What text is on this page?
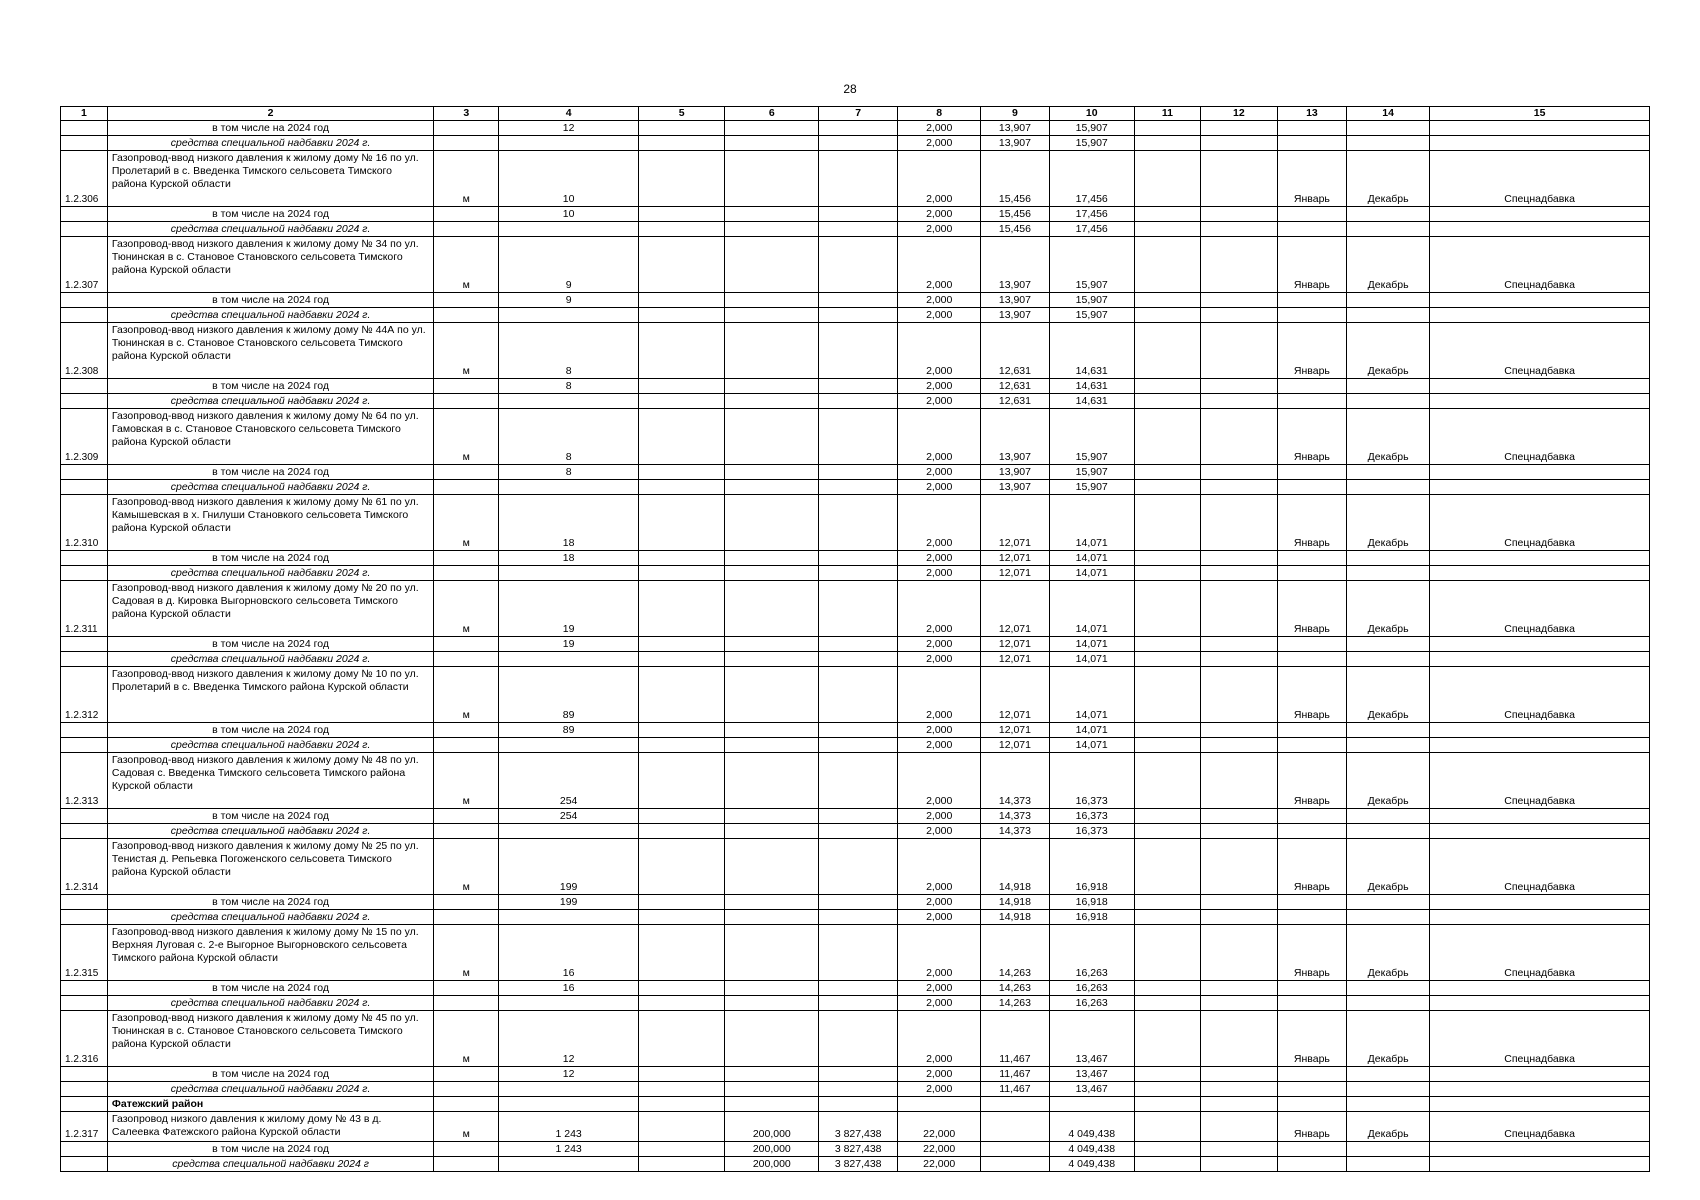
28
1	2	3	4	5	6	7	8	9	10	11	12	13	14	15
	в том числе на 2024 год		12				2,000	13,907	15,907					
	средства специальной надбавки 2024 г.						2,000	13,907	15,907					
1.2.306	Газопровод-ввод низкого давления к жилому дому № 16 по ул. Пролетарий в с. Введенка Тимского сельсовета Тимского района Курской области	м	10				2,000	15,456	17,456			Январь	Декабрь	Спецнадбавка
	в том числе на 2024 год		10				2,000	15,456	17,456					
	средства специальной надбавки 2024 г.						2,000	15,456	17,456					
1.2.307	Газопровод-ввод низкого давления к жилому дому № 34 по ул. Тюнинская в с. Становое Становского сельсовета Тимского района Курской области	м	9				2,000	13,907	15,907			Январь	Декабрь	Спецнадбавка
	в том числе на 2024 год		9				2,000	13,907	15,907					
	средства специальной надбавки 2024 г.						2,000	13,907	15,907					
1.2.308	Газопровод-ввод низкого давления к жилому дому № 44А по ул. Тюнинская в с. Становое Становского сельсовета Тимского района Курской области	м	8				2,000	12,631	14,631			Январь	Декабрь	Спецнадбавка
	в том числе на 2024 год		8				2,000	12,631	14,631					
	средства специальной надбавки 2024 г.						2,000	12,631	14,631					
1.2.309	Газопровод-ввод низкого давления к жилому дому № 64 по ул. Гамовская в с. Становое Становского сельсовета Тимского района Курской области	м	8				2,000	13,907	15,907			Январь	Декабрь	Спецнадбавка
	в том числе на 2024 год		8				2,000	13,907	15,907					
	средства специальной надбавки 2024 г.						2,000	13,907	15,907					
1.2.310	Газопровод-ввод низкого давления к жилому дому № 61 по ул. Камышевская в х. Гнилуши Становкого сельсовета Тимского района Курской области	м	18				2,000	12,071	14,071			Январь	Декабрь	Спецнадбавка
	в том числе на 2024 год		18				2,000	12,071	14,071					
	средства специальной надбавки 2024 г.						2,000	12,071	14,071					
1.2.311	Газопровод-ввод низкого давления к жилому дому № 20 по ул. Садовая в д. Кировка Выгорновского сельсовета Тимского района Курской области	м	19				2,000	12,071	14,071			Январь	Декабрь	Спецнадбавка
	в том числе на 2024 год		19				2,000	12,071	14,071					
	средства специальной надбавки 2024 г.						2,000	12,071	14,071					
1.2.312	Газопровод-ввод низкого давления к жилому дому № 10 по ул. Пролетарий в с. Введенка Тимского района Курской области	м	89				2,000	12,071	14,071			Январь	Декабрь	Спецнадбавка
	в том числе на 2024 год		89				2,000	12,071	14,071					
	средства специальной надбавки 2024 г.						2,000	12,071	14,071					
1.2.313	Газопровод-ввод низкого давления к жилому дому № 48 по ул. Садовая с. Введенка Тимского сельсовета Тимского района Курской области	м	254				2,000	14,373	16,373			Январь	Декабрь	Спецнадбавка
	в том числе на 2024 год		254				2,000	14,373	16,373					
	средства специальной надбавки 2024 г.						2,000	14,373	16,373					
1.2.314	Газопровод-ввод низкого давления к жилому дому № 25 по ул. Тенистая д. Репьевка Погоженского сельсовета Тимского района Курской области	м	199				2,000	14,918	16,918			Январь	Декабрь	Спецнадбавка
	в том числе на 2024 год		199				2,000	14,918	16,918					
	средства специальной надбавки 2024 г.						2,000	14,918	16,918					
1.2.315	Газопровод-ввод низкого давления к жилому дому № 15 по ул. Верхняя Луговая с. 2-е Выгорное Выгорновского сельсовета Тимского района Курской области	м	16				2,000	14,263	16,263			Январь	Декабрь	Спецнадбавка
	в том числе на 2024 год		16				2,000	14,263	16,263					
	средства специальной надбавки 2024 г.						2,000	14,263	16,263					
1.2.316	Газопровод-ввод низкого давления к жилому дому № 45 по ул. Тюнинская в с. Становое Становского сельсовета Тимского района Курской области	м	12				2,000	11,467	13,467			Январь	Декабрь	Спецнадбавка
	в том числе на 2024 год		12				2,000	11,467	13,467					
	средства специальной надбавки 2024 г.						2,000	11,467	13,467					
	Фатежский район													
1.2.317	Газопровод низкого давления к жилому дому № 43 в д. Салеевка Фатежского района Курской области	м	1 243		200,000	3 827,438	22,000		4 049,438			Январь	Декабрь	Спецнадбавка
	в том числе на 2024 год		1 243		200,000	3 827,438	22,000		4 049,438					
	средства специальной надбавки 2024 г				200,000	3 827,438	22,000		4 049,438					
